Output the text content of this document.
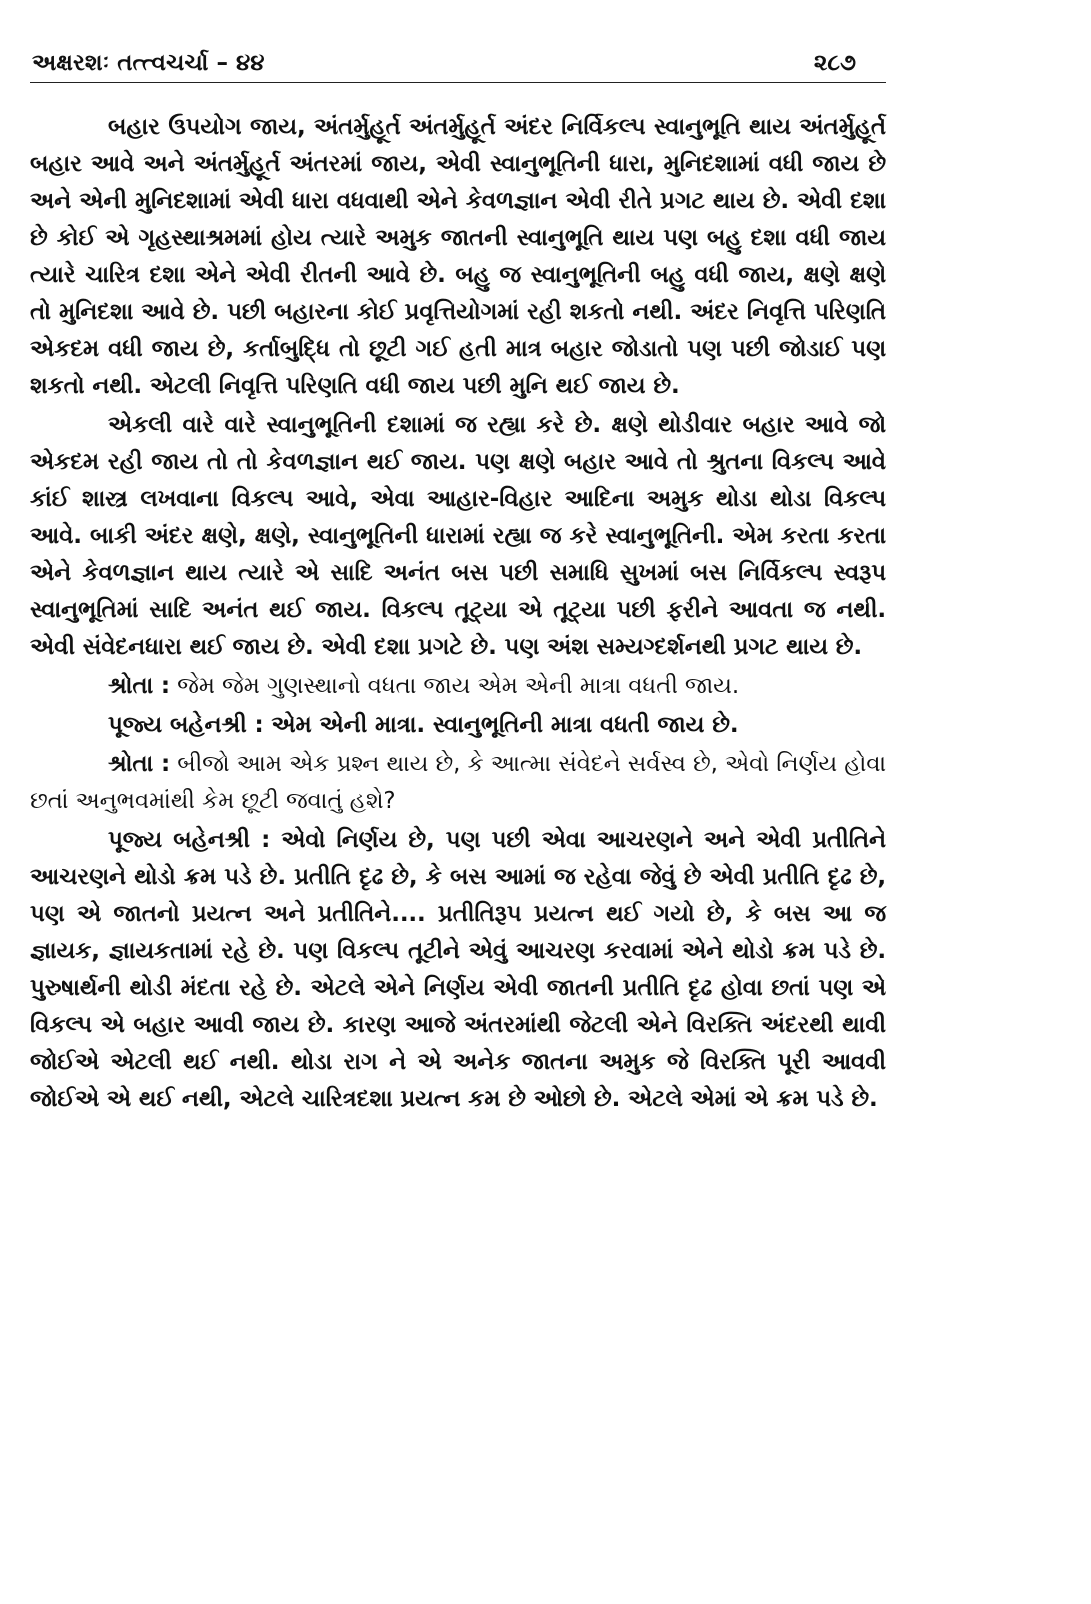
અક્ષરશઃ તત્ત્વચર્ચા – ૪૪	૨૮૭

બહાર ઉપયોગ જાય, અંતર્મુહૂર્ત અંતર્મુહૂર્ત અંદર નિર્વિકલ્પ સ્વાનુભૂતિ થાય અંતર્મુહૂર્ત બહાર આવે અને અંતર્મુહૂર્ત અંતરમાં જાય, એવી સ્વાનુભૂતિની ધારા, મુનિદશામાં વધી જાય છે અને એની મુનિદશામાં એવી ધારા વધવાથી એને કેવળજ્ઞાન એવી રીતે પ્રગટ થાય છે. એવી દશા છે કોઈ એ ગૃહસ્થાશ્રમમાં હોય ત્યારે અમુક જાતની સ્વાનુભૂતિ થાય પણ બહુ દશા વધી જાય ત્યારે ચારિત્ર દશા એને એવી રીતની આવે છે. બહુ જ સ્વાનુભૂતિની બહુ વધી જાય, ક્ષણે ક્ષણે તો મુનિદશા આવે છે. પછી બહારના કોઈ પ્રવૃત્તિયોગમાં રહી શકતો નથી. અંદર નિવૃત્તિ પરિણતિ એકદમ વધી જાય છે, કર્તાબુદ્ધિ તો છૂટી ગઈ હતી માત્ર બહાર જોડાતો પણ પછી જોડાઈ પણ શકતો નથી. એટલી નિવૃત્તિ પરિણતિ વધી જાય પછી મુનિ થઈ જાય છે.

એકલી વારે વારે સ્વાનુભૂતિની દશામાં જ રહ્યા કરે છે. ક્ષણે થોડીવાર બહાર આવે જો એકદમ રહી જાય તો તો કેવળજ્ઞાન થઈ જાય. પણ ક્ષણે બહાર આવે તો શ્રુતના વિકલ્પ આવે કાંઈ શાસ્ત્ર લખવાના વિકલ્પ આવે, એવા આહાર-વિહાર આદિના અમુક થોડા થોડા વિકલ્પ આવે. બાકી અંદર ક્ષણે, ક્ષણે, સ્વાનુભૂતિની ધારામાં રહ્યા જ કરે સ્વાનુભૂતિની. એમ કરતા કરતા એને કેવળજ્ઞાન થાય ત્યારે એ સાદિ અનંત બસ પછી સમાધિ સુખમાં બસ નિર્વિકલ્પ સ્વરૂપ સ્વાનુભૂતિમાં સાદિ અનંત થઈ જાય. વિકલ્પ તૂટ્યા એ તૂટ્યા પછી ફરીને આવતા જ નથી. એવી સંવેદનધારા થઈ જાય છે. એવી દશા પ્રગટે છે. પણ અંશ સમ્યગ્દર્શનથી પ્રગટ થાય છે.

શ્રોતા : જેમ જેમ ગુણસ્થાનો વધતા જાય એમ એની માત્રા વધતી જાય.

પૂજ્ય બહેનશ્રી : એમ એની માત્રા. સ્વાનુભૂતિની માત્રા વધતી જાય છે.

શ્રોતા : બીજો આમ એક પ્રશ્ન થાય છે, કે આત્મા સંવેદને સર્વસ્વ છે, એવો નિર્ણય હોવા છતાં અનુભવમાંથી કેમ છૂટી જવાતું હશે?

પૂજ્ય બહેનશ્રી : એવો નિર્ણય છે, પણ પછી એવા આચરણને અને એવી પ્રતીતિને આચરણને થોડો ક્રમ પડે છે. પ્રતીતિ દૃઢ છે, કે બસ આમાં જ રહેવા જેવું છે એવી પ્રતીતિ દૃઢ છે, પણ એ જાતનો પ્રયત્ન અને પ્રતીતિને.... પ્રતીતિરૂપ પ્રયત્ન થઈ ગયો છે, કે બસ આ જ જ્ઞાયક, જ્ઞાયકતામાં રહે છે. પણ વિકલ્પ તૂટીને એવું આચરણ કરવામાં એને થોડો ક્રમ પડે છે. પુરુષાર્થની થોડી મંદતા રહે છે. એટલે એને નિર્ણય એવી જાતની પ્રતીતિ દૃઢ હોવા છતાં પણ એ વિકલ્પ એ બહાર આવી જાય છે. કારણ આજે અંતરમાંથી જેટલી એને વિરક્તિ અંદરથી થાવી જોઈએ એટલી થઈ નથી. થોડા રાગ ને એ અનેક જાતના અમુક જે વિરક્તિ પૂરી આવવી જોઈએ એ થઈ નથી, એટલે ચારિત્રદશા પ્રયત્ન કમ છે ઓછો છે. એટલે એમાં એ ક્રમ પડે છે.
